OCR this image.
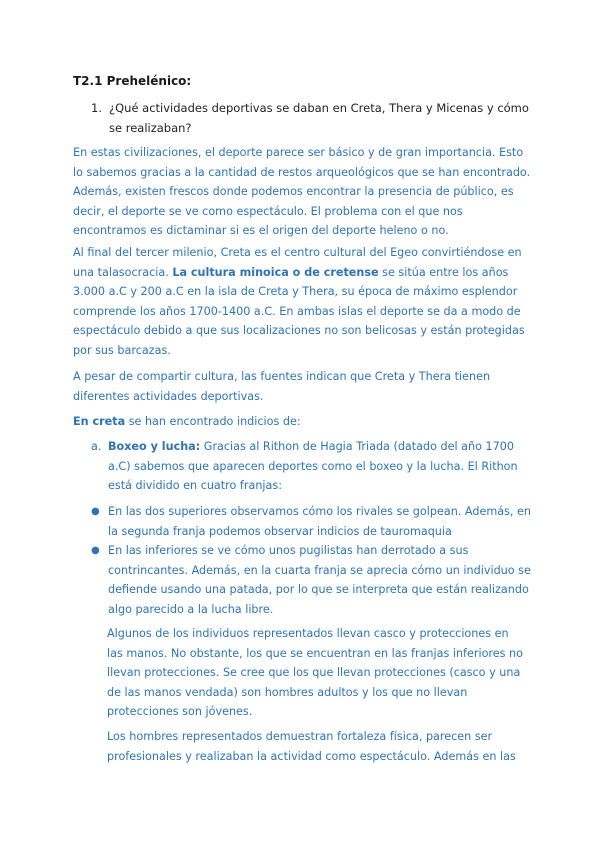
T2.1 Prehelénico:
1. ¿Qué actividades deportivas se daban en Creta, Thera y Micenas y cómo se realizaban?
En estas civilizaciones, el deporte parece ser básico y de gran importancia. Esto lo sabemos gracias a la cantidad de restos arqueológicos que se han encontrado. Además, existen frescos donde podemos encontrar la presencia de público, es decir, el deporte se ve como espectáculo. El problema con el que nos encontramos es dictaminar si es el origen del deporte heleno o no.
Al final del tercer milenio, Creta es el centro cultural del Egeo convirtiéndose en una talasocracia. La cultura minoica o de cretense se sitúa entre los años 3.000 a.C y 200 a.C en la isla de Creta y Thera, su época de máximo esplendor comprende los años 1700-1400 a.C. En ambas islas el deporte se da a modo de espectáculo debido a que sus localizaciones no son belicosas y están protegidas por sus barcazas.
A pesar de compartir cultura, las fuentes indican que Creta y Thera tienen diferentes actividades deportivas.
En creta se han encontrado indicios de:
a. Boxeo y lucha: Gracias al Rithon de Hagia Triada (datado del año 1700 a.C) sabemos que aparecen deportes como el boxeo y la lucha. El Rithon está dividido en cuatro franjas:
● En las dos superiores observamos cómo los rivales se golpean. Además, en la segunda franja podemos observar indicios de tauromaquia
● En las inferiores se ve cómo unos pugilistas han derrotado a sus contrincantes. Además, en la cuarta franja se aprecia cómo un individuo se defiende usando una patada, por lo que se interpreta que están realizando algo parecido a la lucha libre.
Algunos de los individuos representados llevan casco y protecciones en las manos. No obstante, los que se encuentran en las franjas inferiores no llevan protecciones. Se cree que los que llevan protecciones (casco y una de las manos vendada) son hombres adultos y los que no llevan protecciones son jóvenes.
Los hombres representados demuestran fortaleza física, parecen ser profesionales y realizaban la actividad como espectáculo. Además en las
